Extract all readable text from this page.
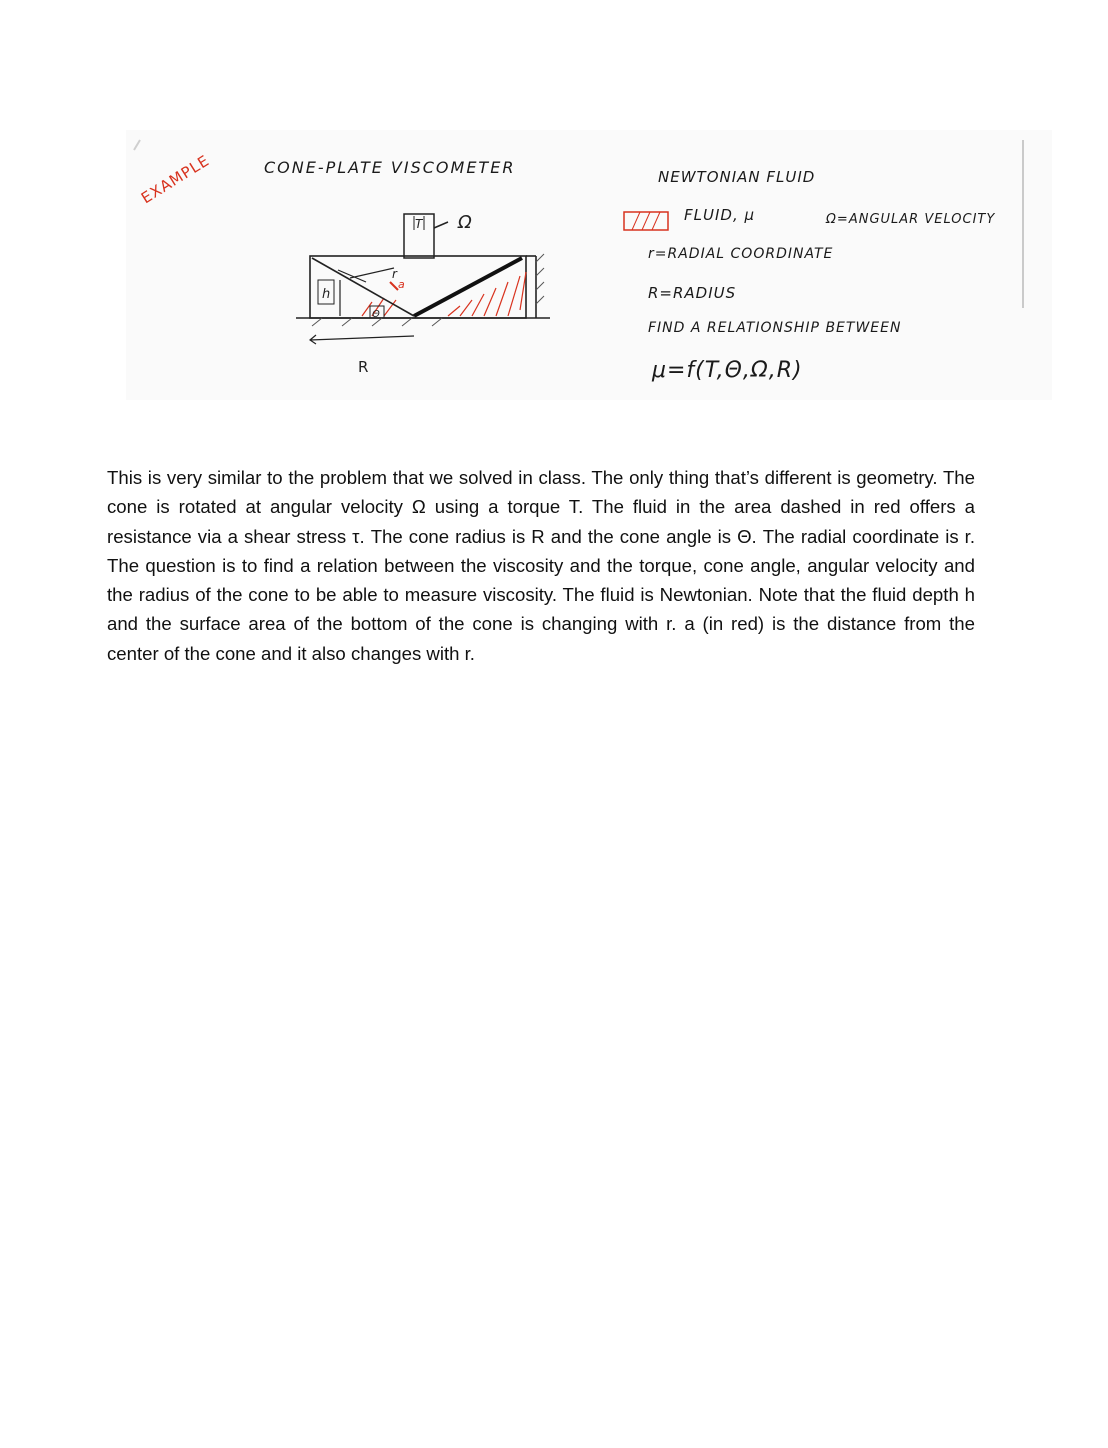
T Ω
h
r
Θ
a
R
EXAMPLE	CONE-PLATE VISCOMETER	NEWTONIAN FLUID
FLUID, μ	Ω=ANGULAR VELOCITY
r=RADIAL COORDINATE
R=RADIUS
FIND A RELATIONSHIP BETWEEN
μ=f(T,Θ,Ω,R)

This is very similar to the problem that we solved in class. The only thing that’s different is geometry. The cone is rotated at angular velocity Ω using a torque T. The fluid in the area dashed in red offers a resistance via a shear stress τ. The cone radius is R and the cone angle is Θ. The radial coordinate is r. The question is to find a relation between the viscosity and the torque, cone angle, angular velocity and the radius of the cone to be able to measure viscosity. The fluid is Newtonian. Note that the fluid depth h and the surface area of the bottom of the cone is changing with r. a (in red) is the distance from the center of the cone and it also changes with r.
